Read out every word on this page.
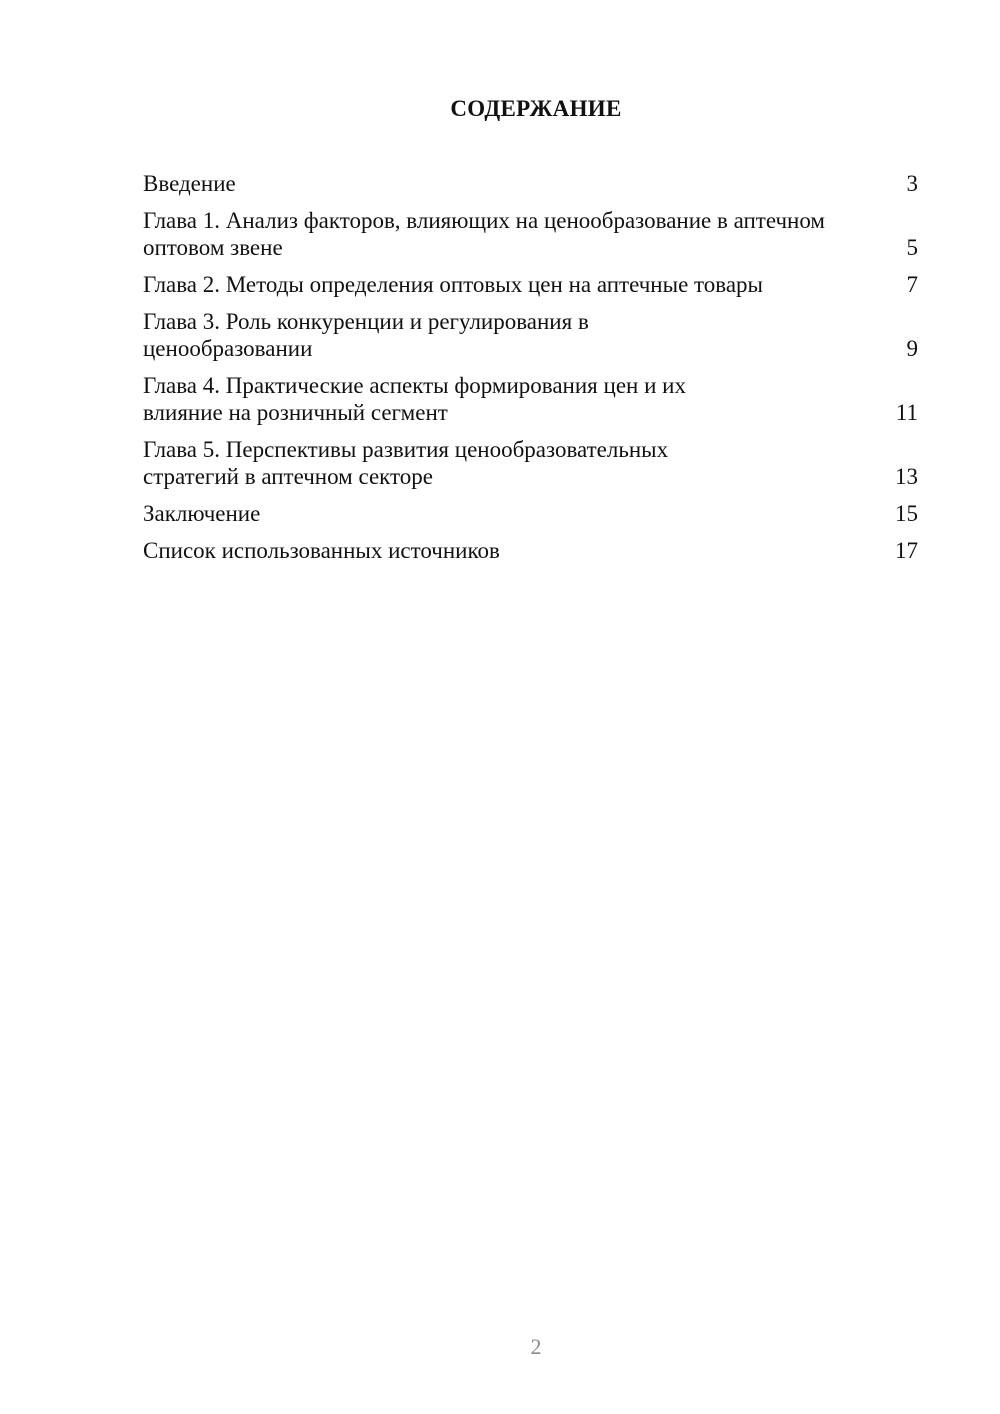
СОДЕРЖАНИЕ
Введение	3
Глава 1. Анализ факторов, влияющих на ценообразование в аптечном оптовом звене	5
Глава 2. Методы определения оптовых цен на аптечные товары	7
Глава 3. Роль конкуренции и регулирования в ценообразовании	9
Глава 4. Практические аспекты формирования цен и их влияние на розничный сегмент	11
Глава 5. Перспективы развития ценообразовательных стратегий в аптечном секторе	13
Заключение	15
Список использованных источников	17
2
